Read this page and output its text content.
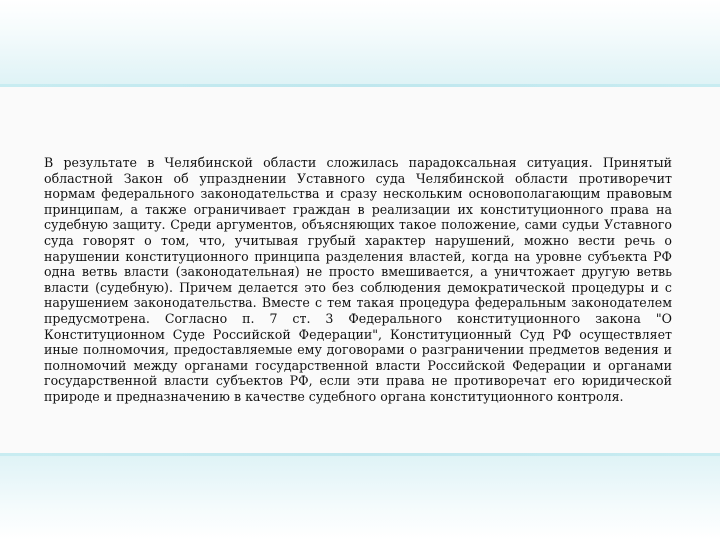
В результате в Челябинской области сложилась парадоксальная ситуация. Принятый областной Закон об упразднении Уставного суда Челябинской области противоречит нормам федерального законодательства и сразу нескольким основополагающим правовым принципам, а также ограничивает граждан в реализации их конституционного права на судебную защиту. Среди аргументов, объясняющих такое положение, сами судьи Уставного суда говорят о том, что, учитывая грубый характер нарушений, можно вести речь о нарушении конституционного принципа разделения властей, когда на уровне субъекта РФ одна ветвь власти (законодательная) не просто вмешивается, а уничтожает другую ветвь власти (судебную). Причем делается это без соблюдения демократической процедуры и с нарушением законодательства. Вместе с тем такая процедура федеральным законодателем предусмотрена. Согласно п. 7 ст. 3 Федерального конституционного закона "О Конституционном Суде Российской Федерации", Конституционный Суд РФ осуществляет иные полномочия, предоставляемые ему договорами о разграничении предметов ведения и полномочий между органами государственной власти Российской Федерации и органами государственной власти субъектов РФ, если эти права не противоречат его юридической природе и предназначению в качестве судебного органа конституционного контроля.
